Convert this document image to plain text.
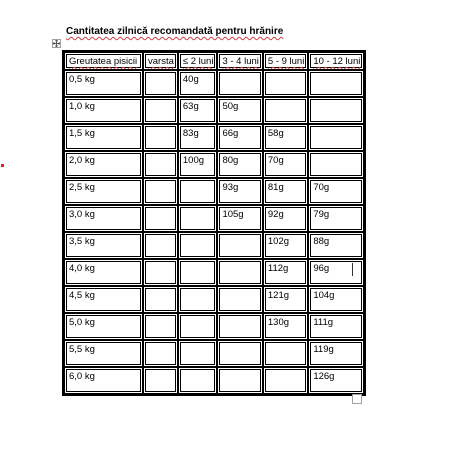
Cantitatea zilnică recomandată pentru hrănire
Greutatea pisicii	varsta	≤ 2 luni	3 - 4 luni	5 - 9 luni	10 - 12 luni
0,5 kg		40g			
1,0 kg		63g	50g		
1,5 kg		83g	66g	58g	
2,0 kg		100g	80g	70g	
2,5 kg			93g	81g	70g
3,0 kg			105g	92g	79g
3,5 kg				102g	88g
4,0 kg				112g	96g
4,5 kg				121g	104g
5,0 kg				130g	111g
5,5 kg					119g
6,0 kg					126g
